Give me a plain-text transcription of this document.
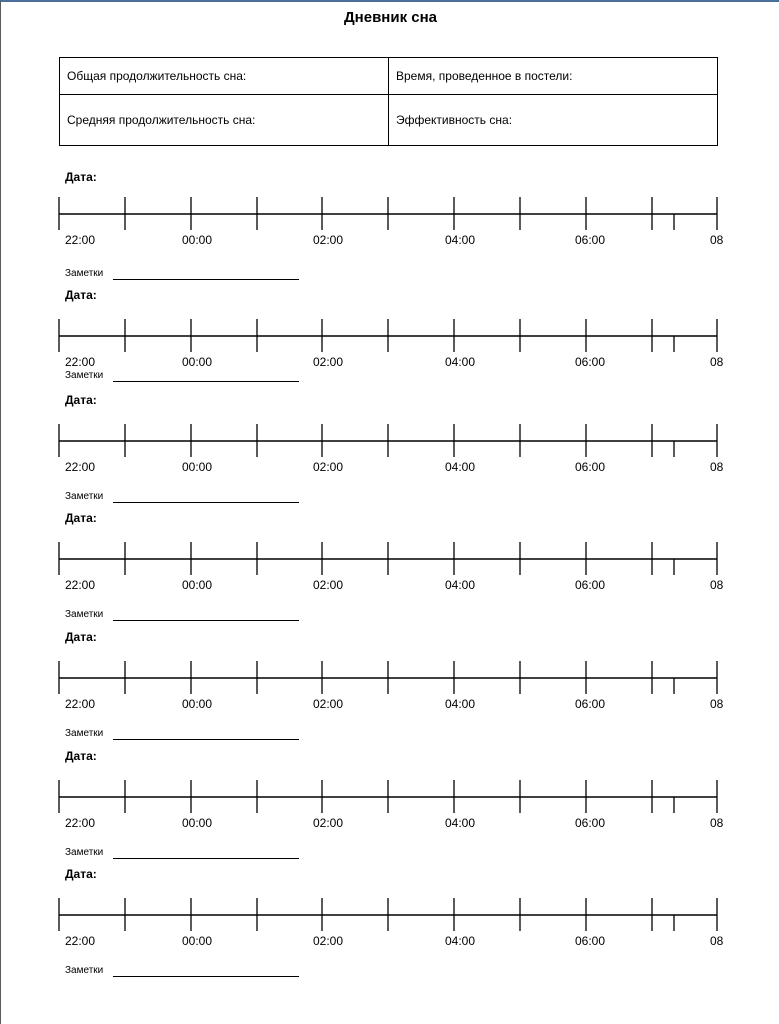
Дневник сна
Общая продолжительность сна:	Время, проведенное в постели:
Средняя продолжительность сна:	Эффективность сна:
Дата:
22:00	00:00	02:00	04:00	06:00	08
Заметки
Дата:
22:00	00:00	02:00	04:00	06:00	08
Заметки
Дата:
22:00	00:00	02:00	04:00	06:00	08
Заметки
Дата:
22:00	00:00	02:00	04:00	06:00	08
Заметки
Дата:
22:00	00:00	02:00	04:00	06:00	08
Заметки
Дата:
22:00	00:00	02:00	04:00	06:00	08
Заметки
Дата:
22:00	00:00	02:00	04:00	06:00	08
Заметки
